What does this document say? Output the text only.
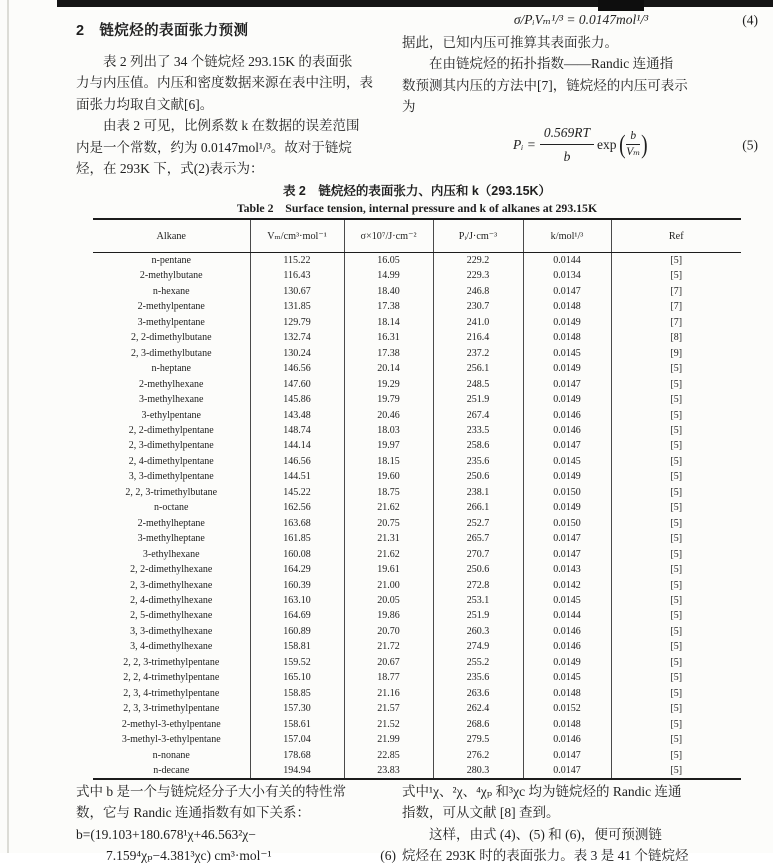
2　链烷烃的表面张力预测
　　表 2 列出了 34 个链烷烃 293.15K 的表面张
力与内压值。内压和密度数据来源在表中注明，表
面张力均取自文献[6]。
　　由表 2 可见，比例系数 k 在数据的误差范围
内是一个常数，约为 0.0147mol¹/³。故对于链烷
烃，在 293K 下，式(2)表示为：
σ/PᵢVₘ¹/³ = 0.0147mol¹/³	(4)
据此，已知内压可推算其表面张力。
　　在由链烷烃的拓扑指数——Randic 连通指
数预测其内压的方法中[7]，链烷烃的内压可表示
为
Pᵢ = $\frac{0.569RT}{b}$ exp ( $\frac{b}{\text{Vₘ}}$ )	(5)
表 2　链烷烃的表面张力、内压和 k（293.15K）
Table 2　Surface tension, internal pressure and k of alkanes at 293.15K
Alkane	Vₘ/cm³·mol⁻¹	σ×10⁷/J·cm⁻²	Pᵢ/J·cm⁻³	k/mol¹/³	Ref
n-pentane	115.22	16.05	229.2	0.0144	[5]
2-methylbutane	116.43	14.99	229.3	0.0134	[5]
n-hexane	130.67	18.40	246.8	0.0147	[7]
2-methylpentane	131.85	17.38	230.7	0.0148	[7]
3-methylpentane	129.79	18.14	241.0	0.0149	[7]
2, 2-dimethylbutane	132.74	16.31	216.4	0.0148	[8]
2, 3-dimethylbutane	130.24	17.38	237.2	0.0145	[9]
n-heptane	146.56	20.14	256.1	0.0149	[5]
2-methylhexane	147.60	19.29	248.5	0.0147	[5]
3-methylhexane	145.86	19.79	251.9	0.0149	[5]
3-ethylpentane	143.48	20.46	267.4	0.0146	[5]
2, 2-dimethylpentane	148.74	18.03	233.5	0.0146	[5]
2, 3-dimethylpentane	144.14	19.97	258.6	0.0147	[5]
2, 4-dimethylpentane	146.56	18.15	235.6	0.0145	[5]
3, 3-dimethylpentane	144.51	19.60	250.6	0.0149	[5]
2, 2, 3-trimethylbutane	145.22	18.75	238.1	0.0150	[5]
n-octane	162.56	21.62	266.1	0.0149	[5]
2-methylheptane	163.68	20.75	252.7	0.0150	[5]
3-methylheptane	161.85	21.31	265.7	0.0147	[5]
3-ethylhexane	160.08	21.62	270.7	0.0147	[5]
2, 2-dimethylhexane	164.29	19.61	250.6	0.0143	[5]
2, 3-dimethylhexane	160.39	21.00	272.8	0.0142	[5]
2, 4-dimethylhexane	163.10	20.05	253.1	0.0145	[5]
2, 5-dimethylhexane	164.69	19.86	251.9	0.0144	[5]
3, 3-dimethylhexane	160.89	20.70	260.3	0.0146	[5]
3, 4-dimethylhexane	158.81	21.72	274.9	0.0146	[5]
2, 2, 3-trimethylpentane	159.52	20.67	255.2	0.0149	[5]
2, 2, 4-trimethylpentane	165.10	18.77	235.6	0.0145	[5]
2, 3, 4-trimethylpentane	158.85	21.16	263.6	0.0148	[5]
2, 3, 3-trimethylpentane	157.30	21.57	262.4	0.0152	[5]
2-methyl-3-ethylpentane	158.61	21.52	268.6	0.0148	[5]
3-methyl-3-ethylpentane	157.04	21.99	279.5	0.0146	[5]
n-nonane	178.68	22.85	276.2	0.0147	[5]
n-decane	194.94	23.83	280.3	0.0147	[5]
式中 b 是一个与链烷烃分子大小有关的特性常
数，它与 Randic 连通指数有如下关系：
b=(19.103+180.678¹χ+46.563²χ−
7.159⁴χₚ−4.381³χc) cm³·mol⁻¹	(6)
式中¹χ、²χ、⁴χₚ 和³χc 均为链烷烃的 Randic 连通
指数，可从文献 [8] 查到。
　　这样，由式 (4)、(5) 和 (6)，便可预测链
烷烃在 293K 时的表面张力。表 3 是 41 个链烷烃
